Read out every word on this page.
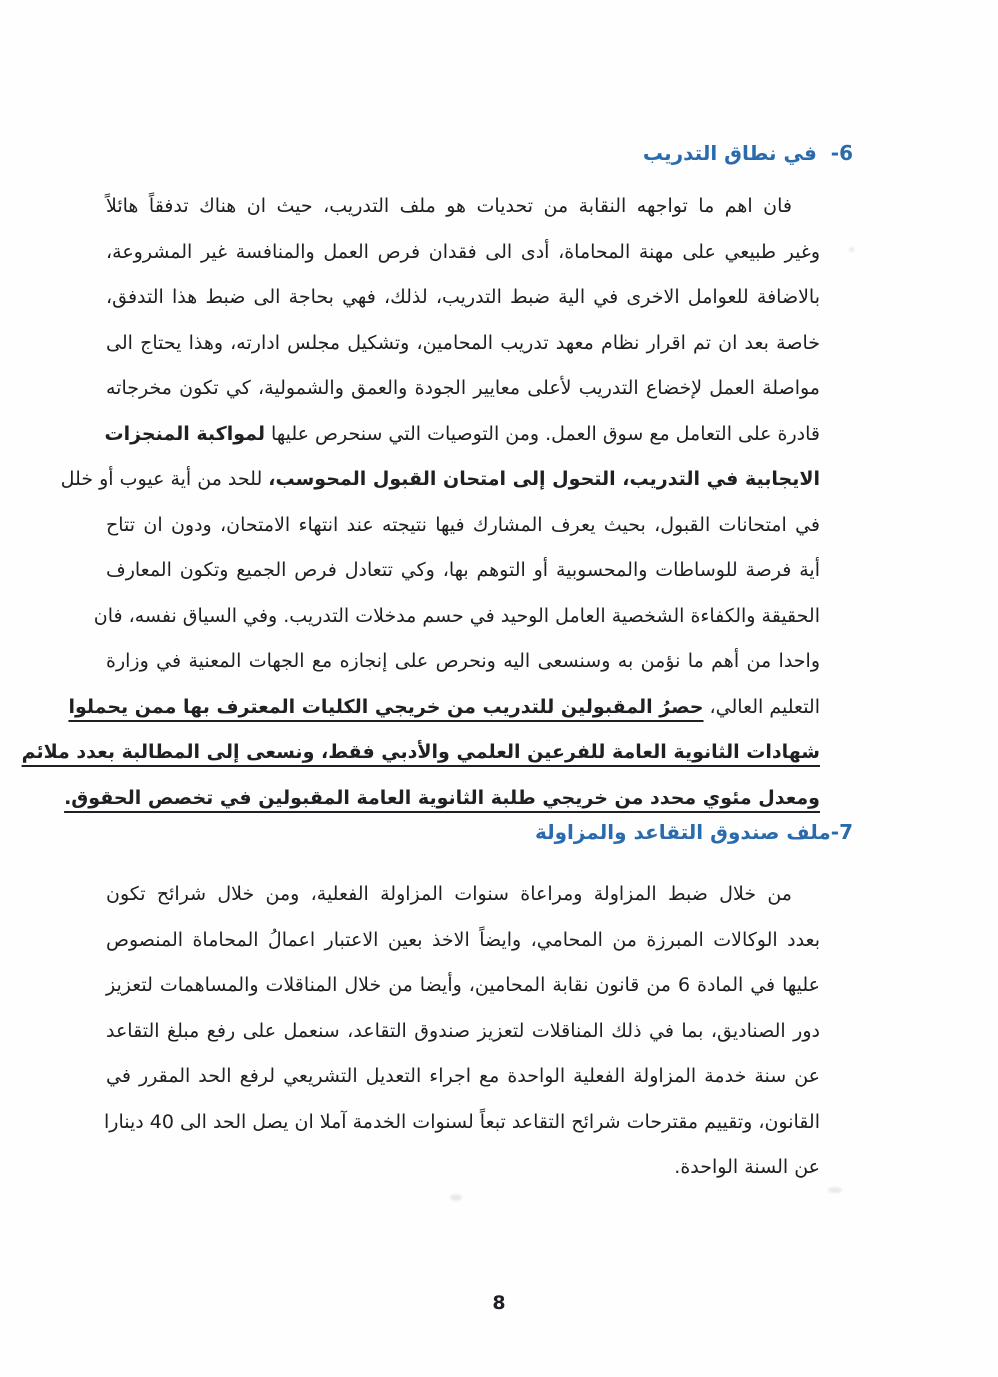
6-  في نطاق التدريب
فان اهم ما تواجهه النقابة من تحديات هو ملف التدريب، حيث ان هناك تدفقاً هائلاً
وغير طبيعي على مهنة المحاماة، أدى الى فقدان فرص العمل والمنافسة غير المشروعة،
بالاضافة للعوامل الاخرى في الية ضبط التدريب، لذلك، فهي بحاجة الى ضبط هذا التدفق،
خاصة بعد ان تم اقرار نظام معهد تدريب المحامين، وتشكيل مجلس ادارته، وهذا يحتاج الى
مواصلة العمل لإخضاع التدريب لأعلى معايير الجودة والعمق والشمولية، كي تكون مخرجاته
قادرة على التعامل مع سوق العمل. ومن التوصيات التي سنحرص عليها لمواكبة المنجزات
الايجابية في التدريب، التحول إلى امتحان القبول المحوسب، للحد من أية عيوب أو خلل
في امتحانات القبول، بحيث يعرف المشارك فيها نتيجته عند انتهاء الامتحان، ودون ان تتاح
أية فرصة للوساطات والمحسوبية أو التوهم بها، وكي تتعادل فرص الجميع وتكون المعارف
الحقيقة والكفاءة الشخصية العامل الوحيد في حسم مدخلات التدريب. وفي السياق نفسه، فان
واحدا من أهم ما نؤمن به وسنسعى اليه ونحرص على إنجازه مع الجهات المعنية في وزارة
التعليم العالي، حصرُ المقبولين للتدريب من خريجي الكليات المعترف بها ممن يحملوا
شهادات الثانوية العامة للفرعين العلمي والأدبي فقط، ونسعى إلى المطالبة بعدد ملائم
ومعدل مئوي محدد من خريجي طلبة الثانوية العامة المقبولين في تخصص الحقوق.
7-ملف صندوق التقاعد والمزاولة
من خلال ضبط المزاولة ومراعاة سنوات المزاولة الفعلية، ومن خلال شرائح تكون
بعدد الوكالات المبرزة من المحامي، وايضاً الاخذ بعين الاعتبار اعمالُ المحاماة المنصوص
عليها في المادة 6 من قانون نقابة المحامين، وأيضا من خلال المناقلات والمساهمات لتعزيز
دور الصناديق، بما في ذلك المناقلات لتعزيز صندوق التقاعد، سنعمل على رفع مبلغ التقاعد
عن سنة خدمة المزاولة الفعلية الواحدة مع اجراء التعديل التشريعي لرفع الحد المقرر في
القانون، وتقييم مقترحات شرائح التقاعد تبعاً لسنوات الخدمة آملا ان يصل الحد الى 40 دينارا
عن السنة الواحدة.
8
